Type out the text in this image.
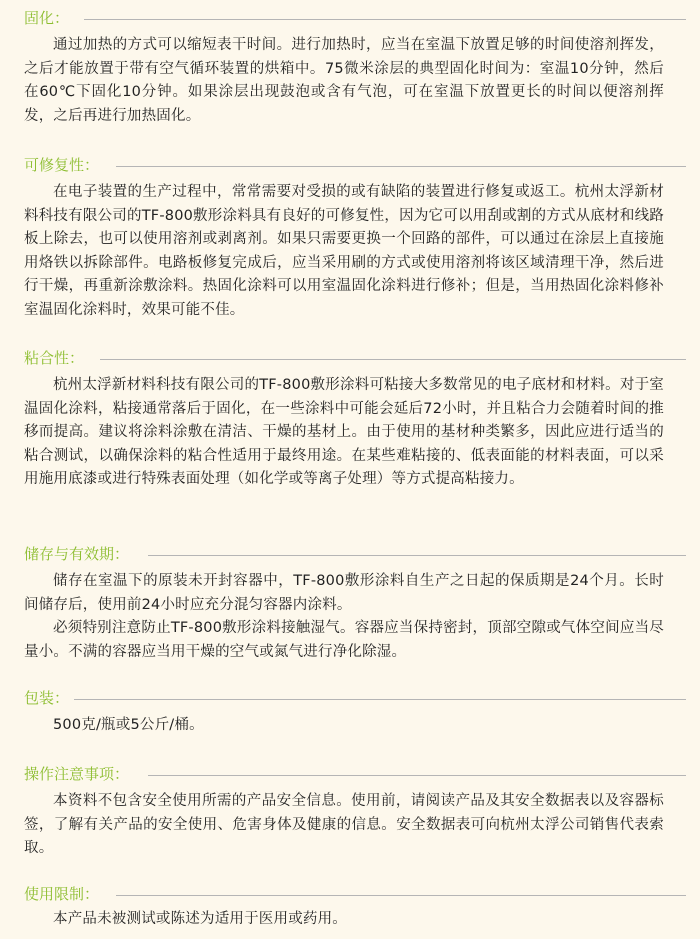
固化：

通过加热的方式可以缩短表干时间。进行加热时，应当在室温下放置足够的时间使溶剂挥发，之后才能放置于带有空气循环装置的烘箱中。75微米涂层的典型固化时间为：室温10分钟，然后在60℃下固化10分钟。如果涂层出现鼓泡或含有气泡，可在室温下放置更长的时间以便溶剂挥发，之后再进行加热固化。

可修复性：

在电子装置的生产过程中，常常需要对受损的或有缺陷的装置进行修复或返工。杭州太浮新材料科技有限公司的TF-800敷形涂料具有良好的可修复性，因为它可以用刮或割的方式从底材和线路板上除去，也可以使用溶剂或剥离剂。如果只需要更换一个回路的部件，可以通过在涂层上直接施用烙铁以拆除部件。电路板修复完成后，应当采用刷的方式或使用溶剂将该区域清理干净，然后进行干燥，再重新涂敷涂料。热固化涂料可以用室温固化涂料进行修补；但是，当用热固化涂料修补室温固化涂料时，效果可能不佳。

粘合性：

杭州太浮新材料科技有限公司的TF-800敷形涂料可粘接大多数常见的电子底材和材料。对于室温固化涂料，粘接通常落后于固化，在一些涂料中可能会延后72小时，并且粘合力会随着时间的推移而提高。建议将涂料涂敷在清洁、干燥的基材上。由于使用的基材种类繁多，因此应进行适当的粘合测试，以确保涂料的粘合性适用于最终用途。在某些难粘接的、低表面能的材料表面，可以采用施用底漆或进行特殊表面处理（如化学或等离子处理）等方式提高粘接力。

储存与有效期：

储存在室温下的原装未开封容器中，TF-800敷形涂料自生产之日起的保质期是24个月。长时间储存后，使用前24小时应充分混匀容器内涂料。

必须特别注意防止TF-800敷形涂料接触湿气。容器应当保持密封，顶部空隙或气体空间应当尽量小。不满的容器应当用干燥的空气或氮气进行净化除湿。

包装：

500克/瓶或5公斤/桶。

操作注意事项：

本资料不包含安全使用所需的产品安全信息。使用前，请阅读产品及其安全数据表以及容器标签，了解有关产品的安全使用、危害身体及健康的信息。安全数据表可向杭州太浮公司销售代表索取。

使用限制：

本产品未被测试或陈述为适用于医用或药用。
